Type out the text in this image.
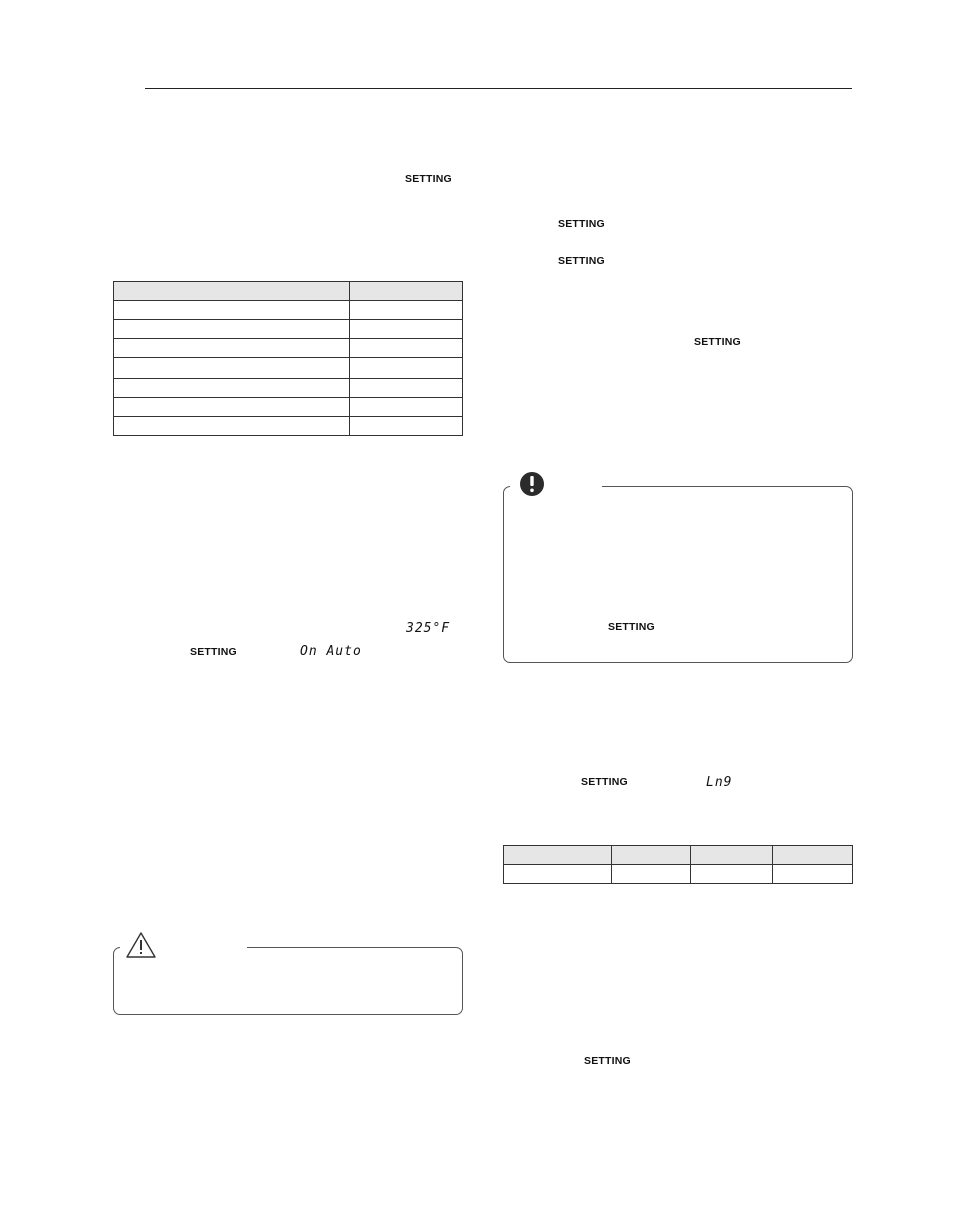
SETTING

325°F
SETTING	On Auto
SETTING
SETTING
SETTING
SETTING
SETTING	Ln9

SETTING
